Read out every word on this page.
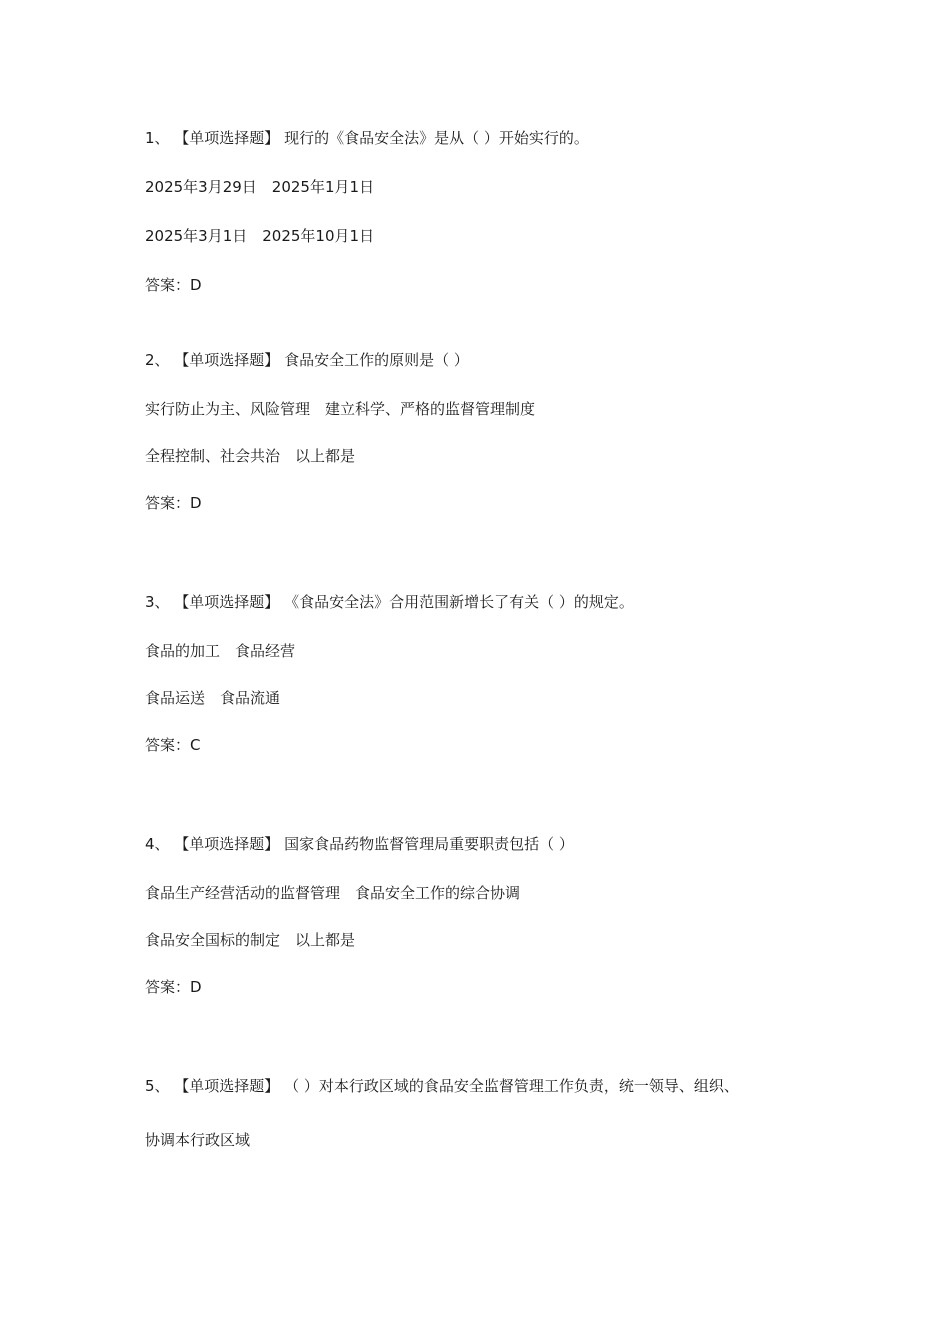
1、 【单项选择题】 现行的《食品安全法》是从（ ）开始实行的。
2025年3月29日　2025年1月1日
2025年3月1日　2025年10月1日
答案：D
2、 【单项选择题】 食品安全工作的原则是（ ）
实行防止为主、风险管理　建立科学、严格的监督管理制度
全程控制、社会共治　以上都是
答案：D
3、 【单项选择题】 《食品安全法》合用范围新增长了有关（ ）的规定。
食品的加工　食品经营
食品运送　食品流通
答案：C
4、 【单项选择题】 国家食品药物监督管理局重要职责包括（ ）
食品生产经营活动的监督管理　食品安全工作的综合协调
食品安全国标的制定　以上都是
答案：D
5、 【单项选择题】 （ ）对本行政区域的食品安全监督管理工作负责，统一领导、组织、
协调本行政区域
